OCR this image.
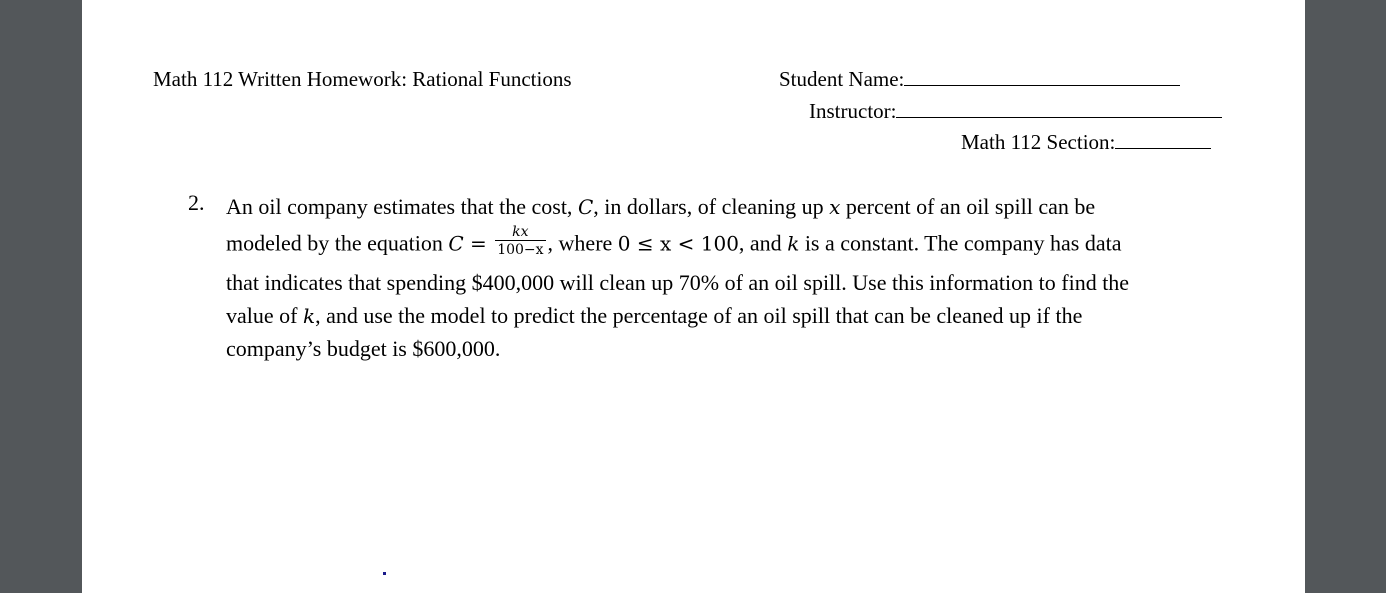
Math 112 Written Homework: Rational Functions	Student Name:
Instructor:
Math 112 Section:
2. An oil company estimates that the cost, C, in dollars, of cleaning up x percent of an oil spill can be
modeled by the equation $C = \frac{kx}{100-x}$ , where 0 ≤ x < 100, and k is a constant. The company has data
that indicates that spending $400,000 will clean up 70% of an oil spill. Use this information to find the
value of k, and use the model to predict the percentage of an oil spill that can be cleaned up if the
company’s budget is $600,000.
